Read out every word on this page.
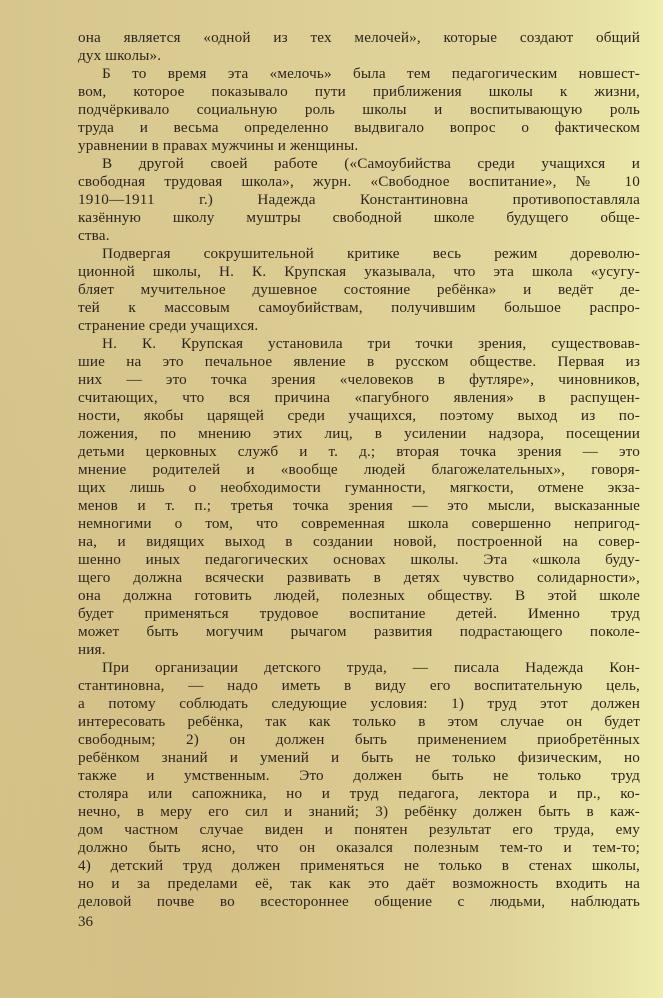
она является «одной из тех мелочей», которые создают общий
дух школы».
Б то время эта «мелочь» была тем педагогическим новшест-
вом, которое показывало пути приближения школы к жизни,
подчёркивало социальную роль школы и воспитывающую роль
труда и весьма определенно выдвигало вопрос о фактическом
уравнении в правах мужчины и женщины.
В другой своей работе («Самоубийства среди учащихся и
свободная трудовая школа», журн. «Свободное воспитание», № 10
1910—1911 г.) Надежда Константиновна противопоставляла
казённую школу муштры свободной школе будущего обще-
ства.
Подвергая сокрушительной критике весь режим дореволю-
ционной школы, Н. К. Крупская указывала, что эта школа «усугу-
бляет мучительное душевное состояние ребёнка» и ведёт де-
тей к массовым самоубийствам, получившим большое распро-
странение среди учащихся.
Н. К. Крупская установила три точки зрения, существовав-
шие на это печальное явление в русском обществе. Первая из
них — это точка зрения «человеков в футляре», чиновников,
считающих, что вся причина «пагубного явления» в распущен-
ности, якобы царящей среди учащихся, поэтому выход из по-
ложения, по мнению этих лиц, в усилении надзора, посещении
детьми церковных служб и т. д.; вторая точка зрения — это
мнение родителей и «вообще людей благожелательных», говоря-
щих лишь о необходимости гуманности, мягкости, отмене экза-
менов и т. п.; третья точка зрения — это мысли, высказанные
немногими о том, что современная школа совершенно непригод-
на, и видящих выход в создании новой, построенной на совер-
шенно иных педагогических основах школы. Эта «школа буду-
щего должна всячески развивать в детях чувство солидарности»,
она должна готовить людей, полезных обществу. В этой школе
будет применяться трудовое воспитание детей. Именно труд
может быть могучим рычагом развития подрастающего поколе-
ния.
При организации детского труда, — писала Надежда Кон-
стантиновна, — надо иметь в виду его воспитательную цель,
а потому соблюдать следующие условия: 1) труд этот должен
интересовать ребёнка, так как только в этом случае он будет
свободным; 2) он должен быть применением приобретённых
ребёнком знаний и умений и быть не только физическим, но
также и умственным. Это должен быть не только труд
столяра или сапожника, но и труд педагога, лектора и пр., ко-
нечно, в меру его сил и знаний; 3) ребёнку должен быть в каж-
дом частном случае виден и понятен результат его труда, ему
должно быть ясно, что он оказался полезным тем-то и тем-то;
4) детский труд должен применяться не только в стенах школы,
но и за пределами её, так как это даёт возможность входить на
деловой почве во всестороннее общение с людьми, наблюдать
36
